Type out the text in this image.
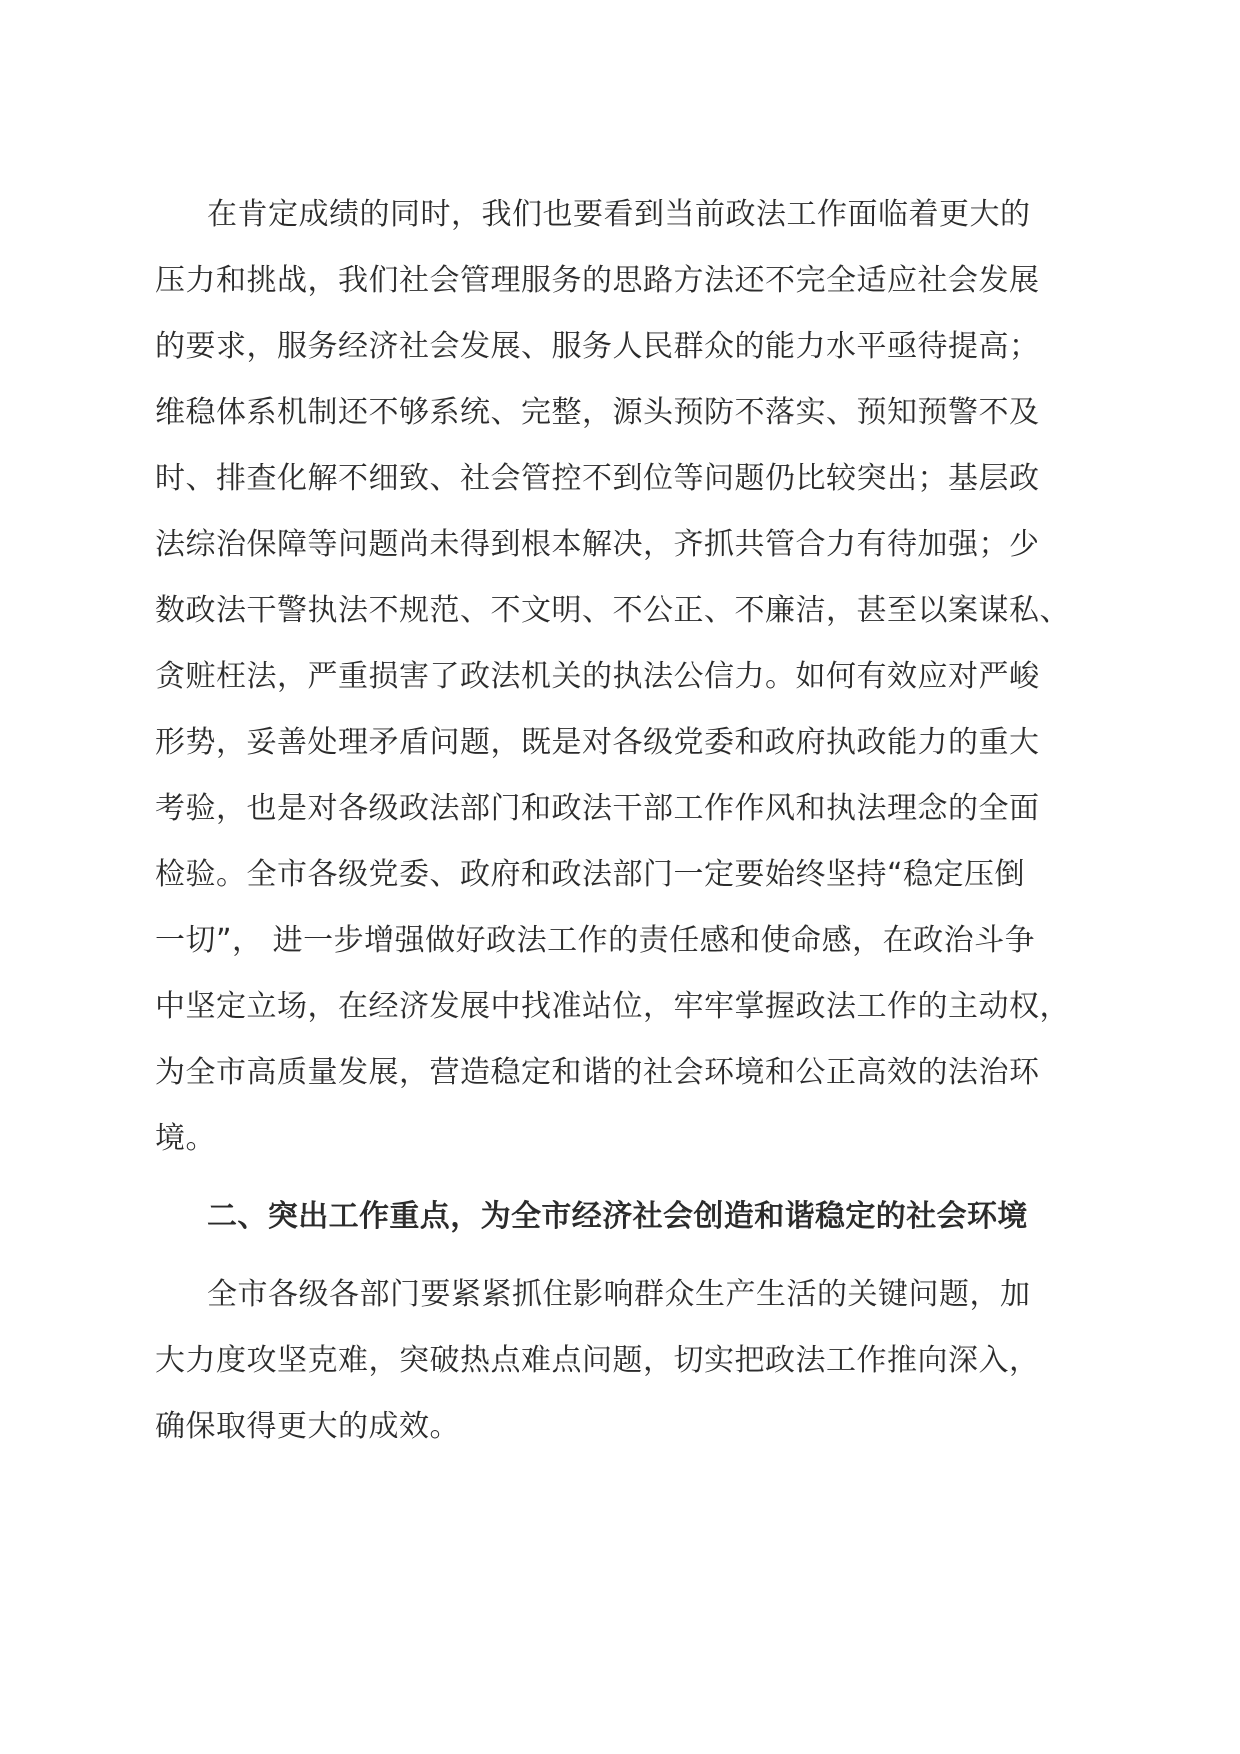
在肯定成绩的同时，我们也要看到当前政法工作面临着更大的
压力和挑战，我们社会管理服务的思路方法还不完全适应社会发展
的要求，服务经济社会发展、服务人民群众的能力水平亟待提高；
维稳体系机制还不够系统、完整，源头预防不落实、预知预警不及
时、排查化解不细致、社会管控不到位等问题仍比较突出；基层政
法综治保障等问题尚未得到根本解决，齐抓共管合力有待加强；少
数政法干警执法不规范、不文明、不公正、不廉洁，甚至以案谋私、
贪赃枉法，严重损害了政法机关的执法公信力。如何有效应对严峻
形势，妥善处理矛盾问题，既是对各级党委和政府执政能力的重大
考验，也是对各级政法部门和政法干部工作作风和执法理念的全面
检验。全市各级党委、政府和政法部门一定要始终坚持“稳定压倒
一切”， 进一步增强做好政法工作的责任感和使命感，在政治斗争
中坚定立场，在经济发展中找准站位，牢牢掌握政法工作的主动权，
为全市高质量发展，营造稳定和谐的社会环境和公正高效的法治环
境。
二、突出工作重点，为全市经济社会创造和谐稳定的社会环境
全市各级各部门要紧紧抓住影响群众生产生活的关键问题，加
大力度攻坚克难，突破热点难点问题，切实把政法工作推向深入，
确保取得更大的成效。
